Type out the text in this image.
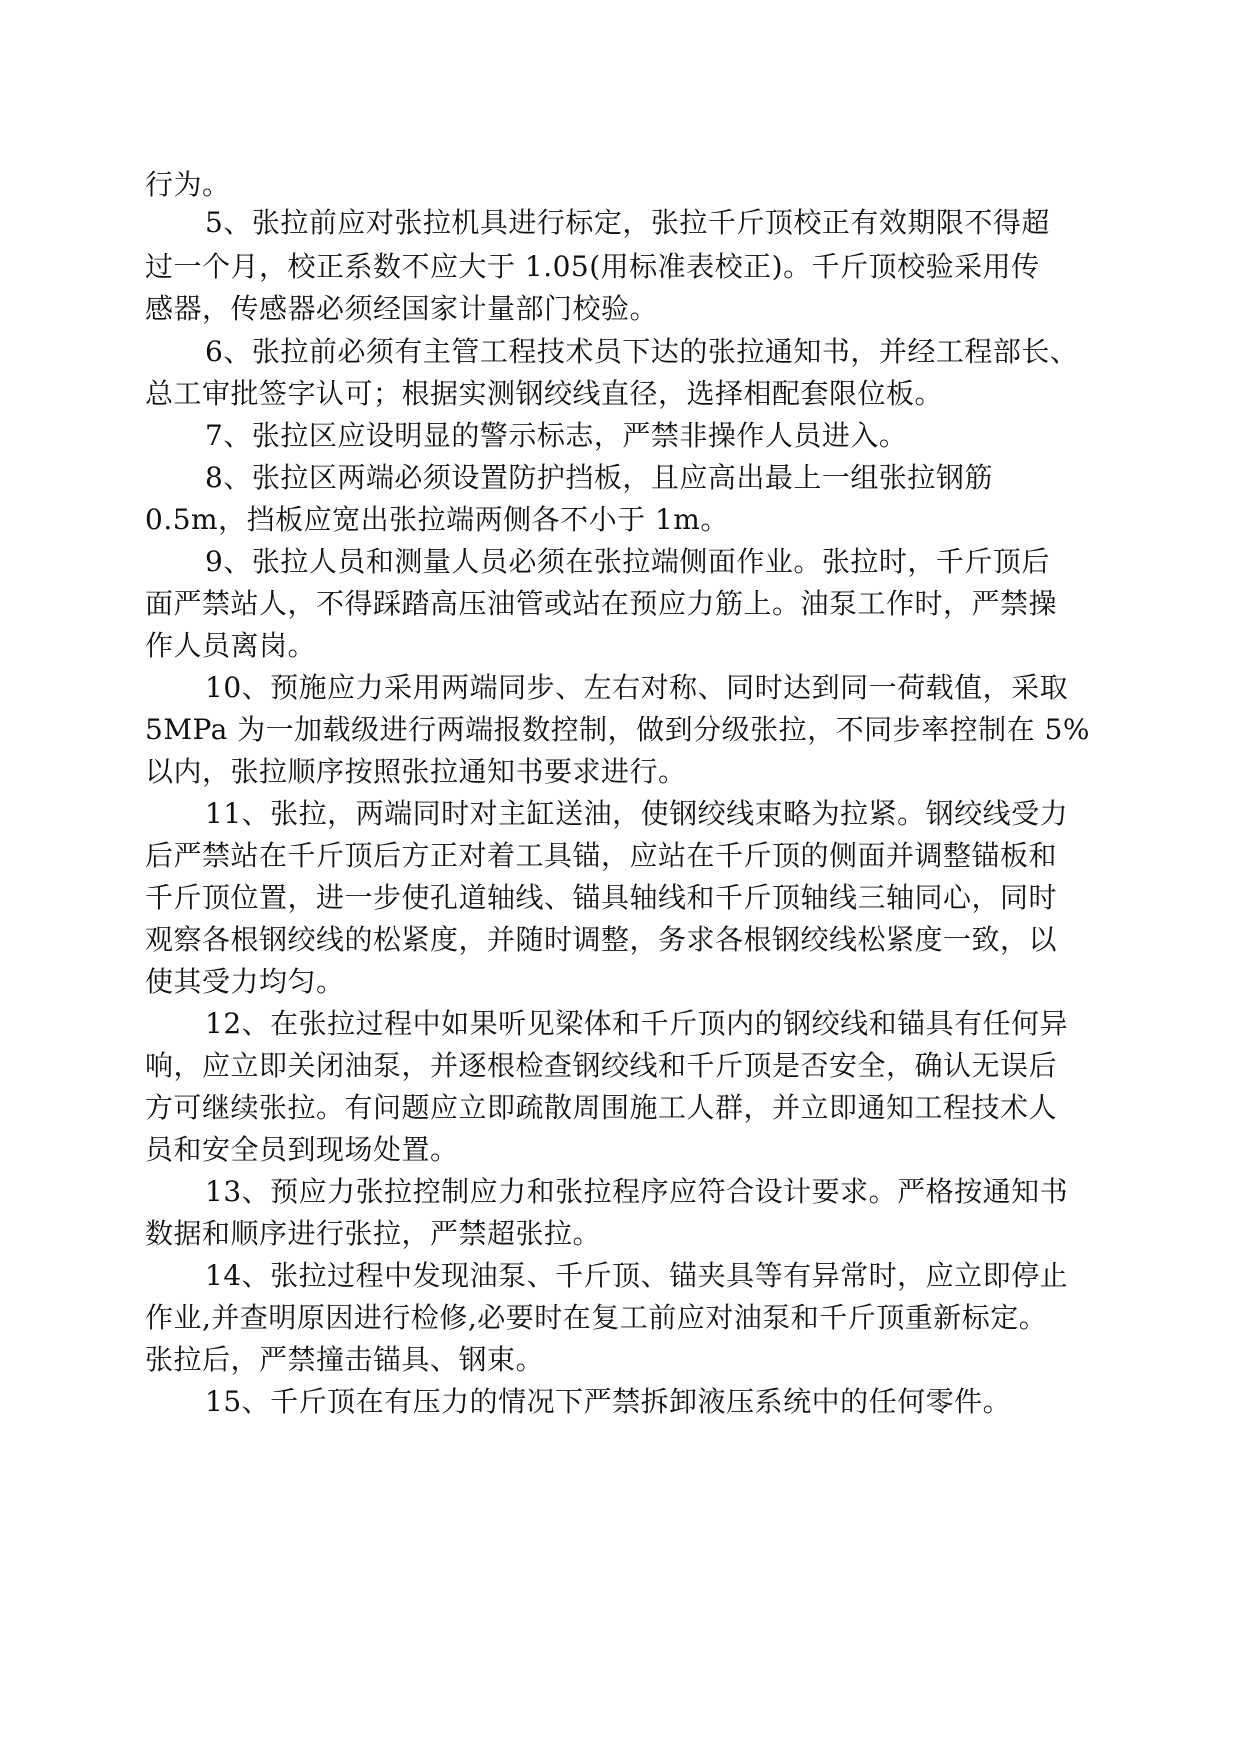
行为。
5、张拉前应对张拉机具进行标定，张拉千斤顶校正有效期限不得超
过一个月，校正系数不应大于 1.05(用标准表校正)。千斤顶校验采用传
感器，传感器必须经国家计量部门校验。
6、张拉前必须有主管工程技术员下达的张拉通知书，并经工程部长、
总工审批签字认可；根据实测钢绞线直径，选择相配套限位板。
7、张拉区应设明显的警示标志，严禁非操作人员进入。
8、张拉区两端必须设置防护挡板，且应高出最上一组张拉钢筋
0.5m，挡板应宽出张拉端两侧各不小于 1m。
9、张拉人员和测量人员必须在张拉端侧面作业。张拉时，千斤顶后
面严禁站人，不得踩踏高压油管或站在预应力筋上。油泵工作时，严禁操
作人员离岗。
10、预施应力采用两端同步、左右对称、同时达到同一荷载值，采取
5MPa 为一加载级进行两端报数控制，做到分级张拉，不同步率控制在 5%
以内，张拉顺序按照张拉通知书要求进行。
11、张拉，两端同时对主缸送油，使钢绞线束略为拉紧。钢绞线受力
后严禁站在千斤顶后方正对着工具锚，应站在千斤顶的侧面并调整锚板和
千斤顶位置，进一步使孔道轴线、锚具轴线和千斤顶轴线三轴同心，同时
观察各根钢绞线的松紧度，并随时调整，务求各根钢绞线松紧度一致，以
使其受力均匀。
12、在张拉过程中如果听见梁体和千斤顶内的钢绞线和锚具有任何异
响，应立即关闭油泵，并逐根检查钢绞线和千斤顶是否安全，确认无误后
方可继续张拉。有问题应立即疏散周围施工人群，并立即通知工程技术人
员和安全员到现场处置。
13、预应力张拉控制应力和张拉程序应符合设计要求。严格按通知书
数据和顺序进行张拉，严禁超张拉。
14、张拉过程中发现油泵、千斤顶、锚夹具等有异常时，应立即停止
作业,并查明原因进行检修,必要时在复工前应对油泵和千斤顶重新标定。
张拉后，严禁撞击锚具、钢束。
15、千斤顶在有压力的情况下严禁拆卸液压系统中的任何零件。
